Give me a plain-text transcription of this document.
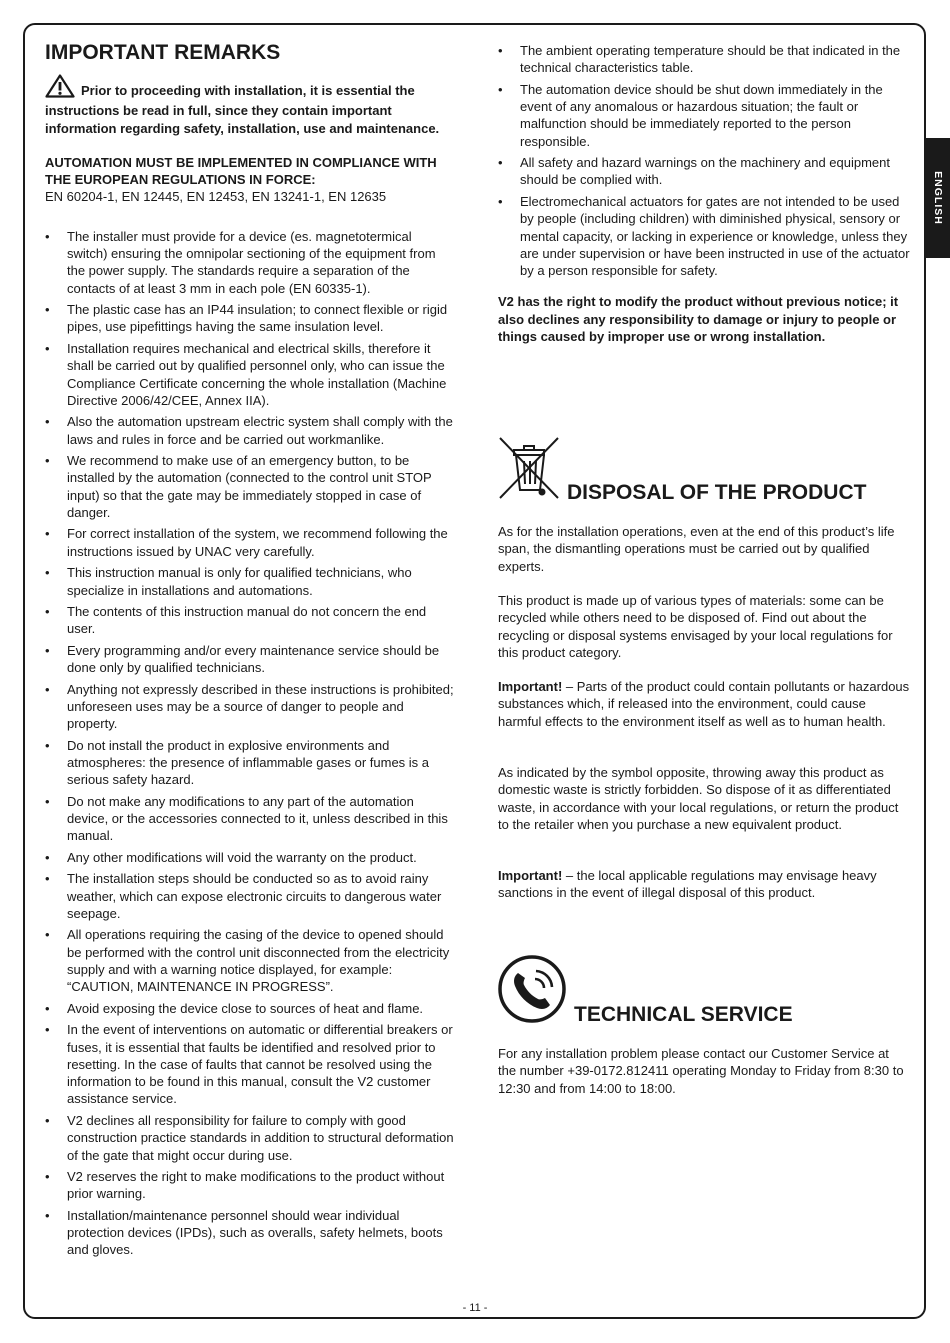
ENGLISH
IMPORTANT REMARKS

Prior to proceeding with installation, it is essential the instructions be read in full, since they contain important information regarding safety, installation, use and maintenance.

AUTOMATION MUST BE IMPLEMENTED IN COMPLIANCE WITH THE EUROPEAN REGULATIONS IN FORCE:

EN 60204-1, EN 12445, EN 12453, EN 13241-1, EN 12635

• The installer must provide for a device (es. magnetotermical switch) ensuring the omnipolar sectioning of the equipment from the power supply. The standards require a separation of the contacts of at least 3 mm in each pole (EN 60335-1).
• The plastic case has an IP44 insulation; to connect flexible or rigid pipes, use pipefittings having the same insulation level.
• Installation requires mechanical and electrical skills, therefore it shall be carried out by qualified personnel only, who can issue the Compliance Certificate concerning the whole installation (Machine Directive 2006/42/CEE, Annex IIA).
• Also the automation upstream electric system shall comply with the laws and rules in force and be carried out workmanlike.
• We recommend to make use of an emergency button, to be installed by the automation (connected to the control unit STOP input) so that the gate may be immediately stopped in case of danger.
• For correct installation of the system, we recommend following the instructions issued by UNAC very carefully.
• This instruction manual is only for qualified technicians, who specialize in installations and automations.
• The contents of this instruction manual do not concern the end user.
• Every programming and/or every maintenance service should be done only by qualified technicians.
• Anything not expressly described in these instructions is prohibited; unforeseen uses may be a source of danger to people and property.
• Do not install the product in explosive environments and atmospheres: the presence of inflammable gases or fumes is a serious safety hazard.
• Do not make any modifications to any part of the automation device, or the accessories connected to it, unless described in this manual.
• Any other modifications will void the warranty on the product.
• The installation steps should be conducted so as to avoid rainy weather, which can expose electronic circuits to dangerous water seepage.
• All operations requiring the casing of the device to opened should be performed with the control unit disconnected from the electricity supply and with a warning notice displayed, for example: “CAUTION, MAINTENANCE IN PROGRESS”.
• Avoid exposing the device close to sources of heat and flame.
• In the event of interventions on automatic or differential breakers or fuses, it is essential that faults be identified and resolved prior to resetting. In the case of faults that cannot be resolved using the information to be found in this manual, consult the V2 customer assistance service.
• V2 declines all responsibility for failure to comply with good construction practice standards in addition to structural deformation of the gate that might occur during use.
• V2 reserves the right to make modifications to the product without prior warning.
• Installation/maintenance personnel should wear individual protection devices (IPDs), such as overalls, safety helmets, boots and gloves.
• The ambient operating temperature should be that indicated in the technical characteristics table.
• The automation device should be shut down immediately in the event of any anomalous or hazardous situation; the fault or malfunction should be immediately reported to the person responsible.
• All safety and hazard warnings on the machinery and equipment should be complied with.
• Electromechanical actuators for gates are not intended to be used by people (including children) with diminished physical, sensory or mental capacity, or lacking in experience or knowledge, unless they are under supervision or have been instructed in use of the actuator by a person responsible for safety.

V2 has the right to modify the product without previous notice; it also declines any responsibility to damage or injury to people or things caused by improper use or wrong installation.

DISPOSAL OF THE PRODUCT

As for the installation operations, even at the end of this product’s life span, the dismantling operations must be carried out by qualified experts.

This product is made up of various types of materials: some can be recycled while others need to be disposed of. Find out about the recycling or disposal systems envisaged by your local regulations for this product category.

Important! – Parts of the product could contain pollutants or hazardous substances which, if released into the environment, could cause harmful effects to the environment itself as well as to human health.

As indicated by the symbol opposite, throwing away this product as domestic waste is strictly forbidden. So dispose of it as differentiated waste, in accordance with your local regulations, or return the product to the retailer when you purchase a new equivalent product.

Important! – the local applicable regulations may envisage heavy sanctions in the event of illegal disposal of this product.

TECHNICAL SERVICE

For any installation problem please contact our Customer Service at the number +39-0172.812411 operating Monday to Friday from 8:30 to 12:30 and from 14:00 to 18:00.

- 11 -
